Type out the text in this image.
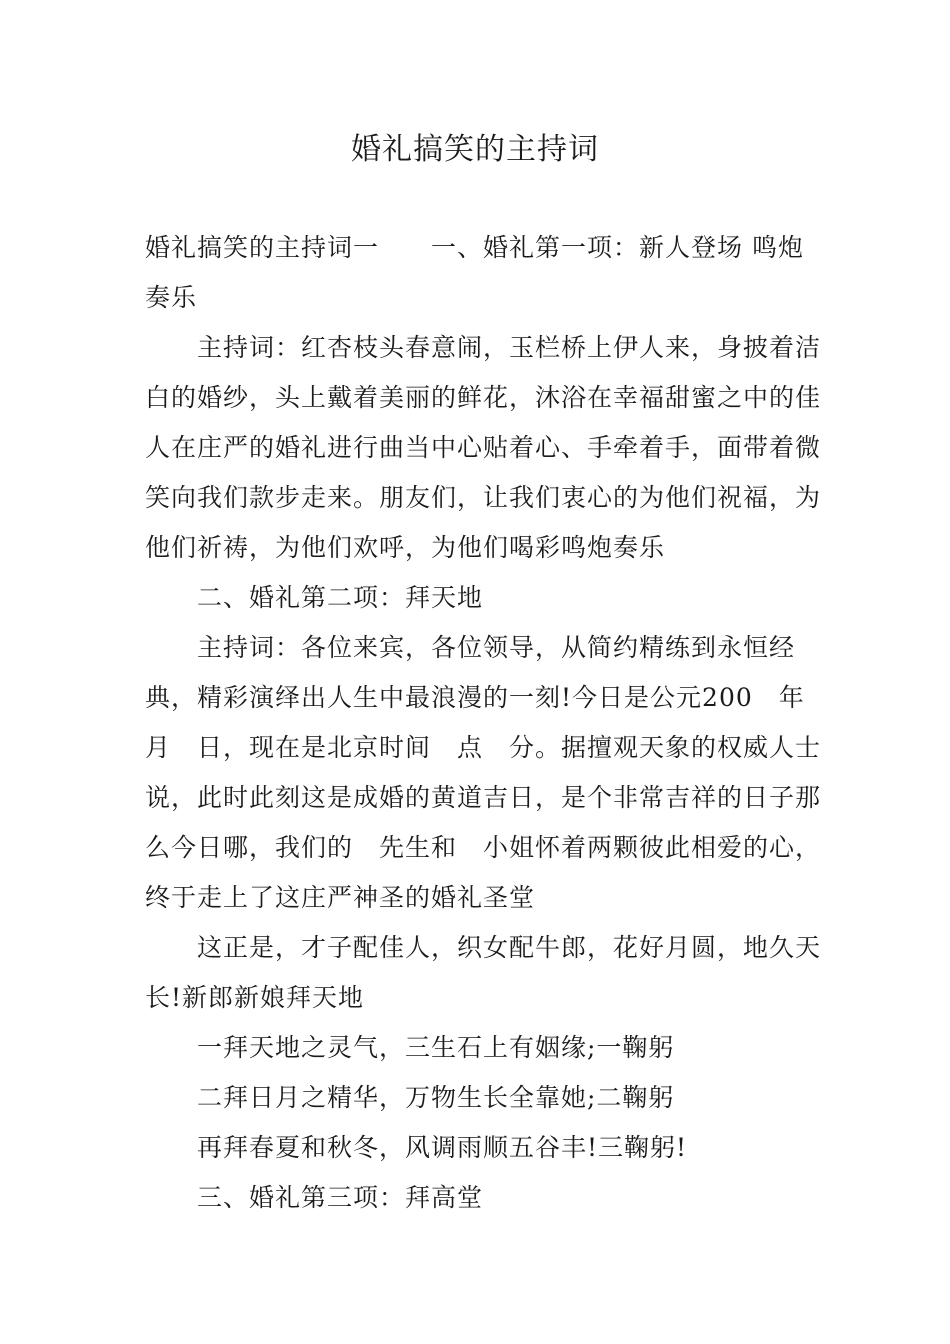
婚礼搞笑的主持词

婚礼搞笑的主持词一　　一、婚礼第一项：新人登场 鸣炮奏乐

主持词：红杏枝头春意闹，玉栏桥上伊人来，身披着洁白的婚纱，头上戴着美丽的鲜花，沐浴在幸福甜蜜之中的佳人在庄严的婚礼进行曲当中心贴着心、手牵着手，面带着微笑向我们款步走来。朋友们，让我们衷心的为他们祝福，为他们祈祷，为他们欢呼，为他们喝彩鸣炮奏乐

二、婚礼第二项：拜天地

主持词：各位来宾，各位领导，从简约精练到永恒经典，精彩演绎出人生中最浪漫的一刻!今日是公元200　年　月　日，现在是北京时间　点　分。据擅观天象的权威人士说，此时此刻这是成婚的黄道吉日，是个非常吉祥的日子那么今日哪，我们的　先生和　小姐怀着两颗彼此相爱的心，终于走上了这庄严神圣的婚礼圣堂

这正是，才子配佳人，织女配牛郎，花好月圆，地久天长!新郎新娘拜天地

一拜天地之灵气，三生石上有姻缘;一鞠躬

二拜日月之精华，万物生长全靠她;二鞠躬

再拜春夏和秋冬，风调雨顺五谷丰!三鞠躬!

三、婚礼第三项：拜高堂
